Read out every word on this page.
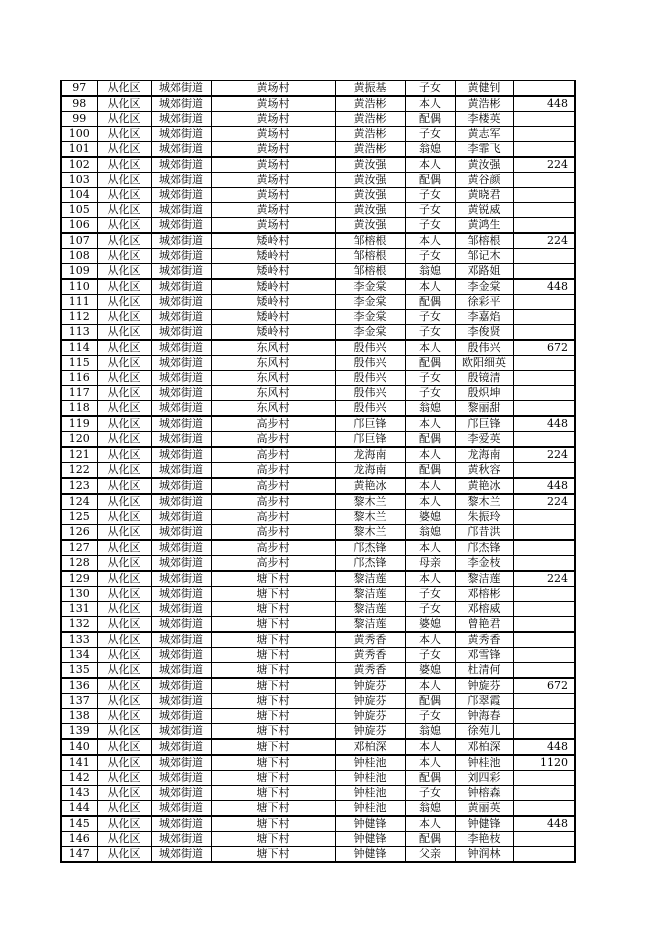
97	从化区	城郊街道	黄场村	黄振基	子女	黄健钊	
98	从化区	城郊街道	黄场村	黄浩彬	本人	黄浩彬	448
99	从化区	城郊街道	黄场村	黄浩彬	配偶	李楼英	
100	从化区	城郊街道	黄场村	黄浩彬	子女	黄志军	
101	从化区	城郊街道	黄场村	黄浩彬	翁媳	李霏飞	
102	从化区	城郊街道	黄场村	黄汝强	本人	黄汝强	224
103	从化区	城郊街道	黄场村	黄汝强	配偶	黄谷颜	
104	从化区	城郊街道	黄场村	黄汝强	子女	黄晓君	
105	从化区	城郊街道	黄场村	黄汝强	子女	黄锐威	
106	从化区	城郊街道	黄场村	黄汝强	子女	黄鸿生	
107	从化区	城郊街道	矮岭村	邹榕根	本人	邹榕根	224
108	从化区	城郊街道	矮岭村	邹榕根	子女	邹记木	
109	从化区	城郊街道	矮岭村	邹榕根	翁媳	邓路姐	
110	从化区	城郊街道	矮岭村	李金棠	本人	李金棠	448
111	从化区	城郊街道	矮岭村	李金棠	配偶	徐彩平	
112	从化区	城郊街道	矮岭村	李金棠	子女	李嘉焰	
113	从化区	城郊街道	矮岭村	李金棠	子女	李俊贤	
114	从化区	城郊街道	东风村	殷伟兴	本人	殷伟兴	672
115	从化区	城郊街道	东风村	殷伟兴	配偶	欧阳细英	
116	从化区	城郊街道	东风村	殷伟兴	子女	殷镜清	
117	从化区	城郊街道	东风村	殷伟兴	子女	殷炽坤	
118	从化区	城郊街道	东风村	殷伟兴	翁媳	黎丽甜	
119	从化区	城郊街道	高步村	邝巨锋	本人	邝巨锋	448
120	从化区	城郊街道	高步村	邝巨锋	配偶	李爱英	
121	从化区	城郊街道	高步村	龙海南	本人	龙海南	224
122	从化区	城郊街道	高步村	龙海南	配偶	黄秋容	
123	从化区	城郊街道	高步村	黄艳冰	本人	黄艳冰	448
124	从化区	城郊街道	高步村	黎木兰	本人	黎木兰	224
125	从化区	城郊街道	高步村	黎木兰	婆媳	朱振玲	
126	从化区	城郊街道	高步村	黎木兰	翁媳	邝昔洪	
127	从化区	城郊街道	高步村	邝杰锋	本人	邝杰锋	
128	从化区	城郊街道	高步村	邝杰锋	母亲	李金枝	
129	从化区	城郊街道	塘下村	黎洁莲	本人	黎洁莲	224
130	从化区	城郊街道	塘下村	黎洁莲	子女	邓榕彬	
131	从化区	城郊街道	塘下村	黎洁莲	子女	邓榕威	
132	从化区	城郊街道	塘下村	黎洁莲	婆媳	曾艳君	
133	从化区	城郊街道	塘下村	黄秀香	本人	黄秀香	
134	从化区	城郊街道	塘下村	黄秀香	子女	邓雪锋	
135	从化区	城郊街道	塘下村	黄秀香	婆媳	杜清何	
136	从化区	城郊街道	塘下村	钟旋芬	本人	钟旋芬	672
137	从化区	城郊街道	塘下村	钟旋芬	配偶	邝翠霞	
138	从化区	城郊街道	塘下村	钟旋芬	子女	钟海春	
139	从化区	城郊街道	塘下村	钟旋芬	翁媳	徐苑儿	
140	从化区	城郊街道	塘下村	邓柏深	本人	邓柏深	448
141	从化区	城郊街道	塘下村	钟桂池	本人	钟桂池	1120
142	从化区	城郊街道	塘下村	钟桂池	配偶	刘四彩	
143	从化区	城郊街道	塘下村	钟桂池	子女	钟榕森	
144	从化区	城郊街道	塘下村	钟桂池	翁媳	黄丽英	
145	从化区	城郊街道	塘下村	钟健锋	本人	钟健锋	448
146	从化区	城郊街道	塘下村	钟健锋	配偶	李艳枝	
147	从化区	城郊街道	塘下村	钟健锋	父亲	钟润林	
